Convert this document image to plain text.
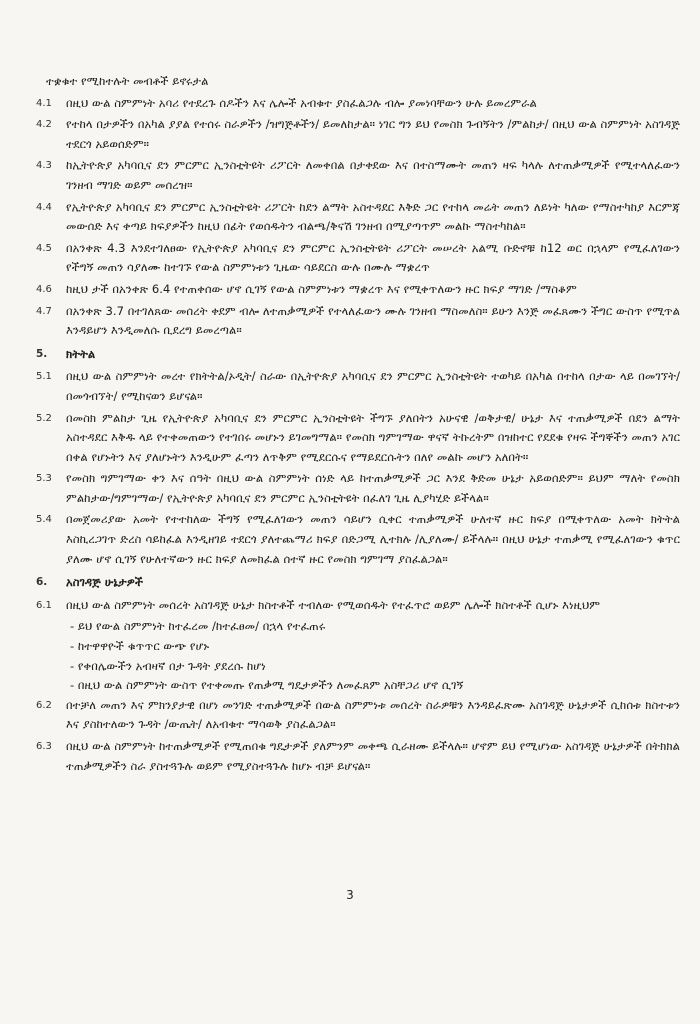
ተቋቁተ የሚከተሉት መብቶች ይኖሩታል
4.1	በዚህ ውል ስምምነት አባሪ የተደረጉ ሰዶችን እና ሌሎች አብቁተ ያስፈልጋሉ ብሎ ያመነባቸውን ሁሉ ይመረምራል
4.2	የተከላ በታዎችን በአካል ያያል የተሰሩ ስራዎችን /ዝግጅቶችን/ ይመለከታል። ነገር ግን ይህ የመስክ ጉብኝትን /ምልከታ/ በዚህ ውል ስምምነት አስገዳጅ ተደርጎ አይወሰድም።
4.3	ከኢትዮጵያ አካባቢና ደን ምርምር ኢንስቲትዩት ሪፖርት ለመቀበል በታቀደው እና በተስማሙት መጠን ዛፍ ካላሉ ለተጠቃሚዎች የሚተላለፈውን ገንዘብ ማገድ ወይም መሰረዝ።
4.4	የኢትዮጵያ አካባቢና ደን ምርምር ኢንስቲትዩት ሪፖርት ከደን ልማት አስተዳደር እቅድ ጋር የተከላ መሬት መጠን ለይነት ካለው የማስተካከያ እርምጃ መውሰድ እና ቀጣይ ክፍያዎችን ከዚህ በፊት የወሰዱትን ብልጫ/ቅናሽ ገንዘብ በሚያጣጥም መልኩ ማስተካከል።
4.5	በአንቀጽ 4.3 እንደተገለፀው የኢትዮጵያ አካባቢና ደን ምርምር ኢንስቲትዩት ሪፖርት መሠረት አልሚ ቡድኖቹ ከ12 ወር በኋላም የሚፈለገውን የችግኝ መጠን ሳያለሙ ከተገኙ የውል ስምምነቱን ጊዜው ሳይደርስ ውሉ በሙሉ ማቋረጥ
4.6	ከዚህ ታች በአንቀጽ 6.4 የተጠቀሰው ሆኖ ሲገኝ የውል ስምምነቱን ማቋረጥ እና የሚቀጥለውን ዙር ክፍያ ማገድ /ማስቆም
4.7	በአንቀጽ 3.7 በተገለጸው መሰረት ቀደም ብሎ ለተጠቃሚዎች የተላለፈውን ሙሉ ገንዘብ ማስመለስ። ይሁን እንጅ መፈጸሙን ችግር ውስጥ የሚጥል እንዳይሆን እንዲመለሱ ቢደረግ ይመረጣል።
5.	ክትትል
5.1	በዚህ ውል ስምምነት መረተ የክትትል/ኦዲት/ ስራው በኢትዮጵያ አካባቢና ደን ምርምር ኢንስቲትዩት ተወካይ በአካል በተከላ በታው ላይ በመገኘት/በመጎብኘት/ የሚከናወን ይሆናል።
5.2	በመስክ ምልከታ ጊዜ የኢትዮጵያ አካባቢና ደን ምርምር ኢንስቲትዩት ችግኙ ያለበትን አሁናዊ /ወቅታዊ/ ሁኔታ እና ተጠቃሚዎች በደን ልማት አስተዳደር እቅዱ ላይ የተቀመጠውን የተገበሩ መሆኑን ይገመግማል። የመስክ ግምገማው ዋናኛ ትኩረትም በዝከተር የደደቁ የዛፍ ችግኞችን መጠን አገር በቀል የሆኑትን እና ያለሆኑትን እንዲሁም ፈጣን ለጥቅም የሚደርሱና የማይደርሱትን በለየ መልኩ መሆን አለበት።
5.3	የመስክ ግምገማው ቀን እና ሰዓት በዚህ ውል ስምምነት ሰነድ ላይ ከተጠቃሚዎች ጋር እንደ ቅድመ ሁኔታ አይወሰድም። ይህም ማለት የመስክ ምልከታው/ግምገማው/ የኢትዮጵያ አካባቢና ደን ምርምር ኢንስቲትዩት በፈለገ ጊዜ ሊያካሂድ ይችላል።
5.4	በመጀመሪያው አመት የተተከለው ችግኝ የሚፈለገውን መጠን ሳይሆን ሲቀር ተጠቃሚዎች ሁለተኛ ዙር ክፍያ በሚቀጥለው አመት ክትትል እስኪረጋገጥ ድረስ ሳይከፈል እንዲዘገይ ተደርጎ ያለተጨማሪ ክፍያ በድጋሚ ሊተክሉ /ሊያለሙ/ ይችላሉ። በዚህ ሁኔታ ተጠቃሚ የሚፈለገውን ቁጥር ያለሙ ሆኖ ሲገኝ የሁለተኛውን ዙር ክፍያ ለመክፈል ሰተኛ ዙር የመስክ ግምገማ ያስፈልጋል።
6.	አስገዳጅ ሁኔታዎች
6.1	በዚህ ውል ስምምነት መሰረት አስገዳጅ ሁኔታ ክስተቶች ተብለው የሚወሰዱት የተፈጥሮ ወይም ሌሎች ክስተቶች ሲሆኑ እነዚህም
- ይህ የውል ስምምነት ከተፈረመ /ከተፈፀመ/ በኋላ የተፈጠሩ
- ከተዋዋዮች ቁጥጥር ውጭ የሆኑ
- የቀበሌውችን አብዛኛ በታ ጉዳት ያደረሱ ከሆነ
- በዚህ ውል ስምምነት ውስጥ የተቀመጡ የጠቃሚ ግዴታዎችን ለመፈጸም አስቸጋሪ ሆኖ ሲገኝ
6.2	በተቻለ መጠን እና ምክንያታዊ በሆነ መንገድ ተጠቃሚዎች በውል ስምምነቱ መሰረት ስራዎቹን እንዳይፈጽሙ አስገዳጅ ሁኔታዎች ሲከሰቱ ክስተቱን እና ያስከተለውን ጉዳት /ውጤት/ ለአብቁተ ማሳወቅ ያስፈልጋል።
6.3	በዚህ ውል ስምምነት ከተጠቃሚዎች የሚጠበቁ ግዴታዎች ያለምንም መቀጫ ሲራዘሙ ይችላሉ። ሆኖም ይህ የሚሆነው አስገዳጅ ሁኔታዎች በትክክል ተጠቃሚዎችን ስራ ያስተጓጉሉ ወይም የሚያስተጓጉሉ ከሆኑ ብቻ ይሆናል።
3
